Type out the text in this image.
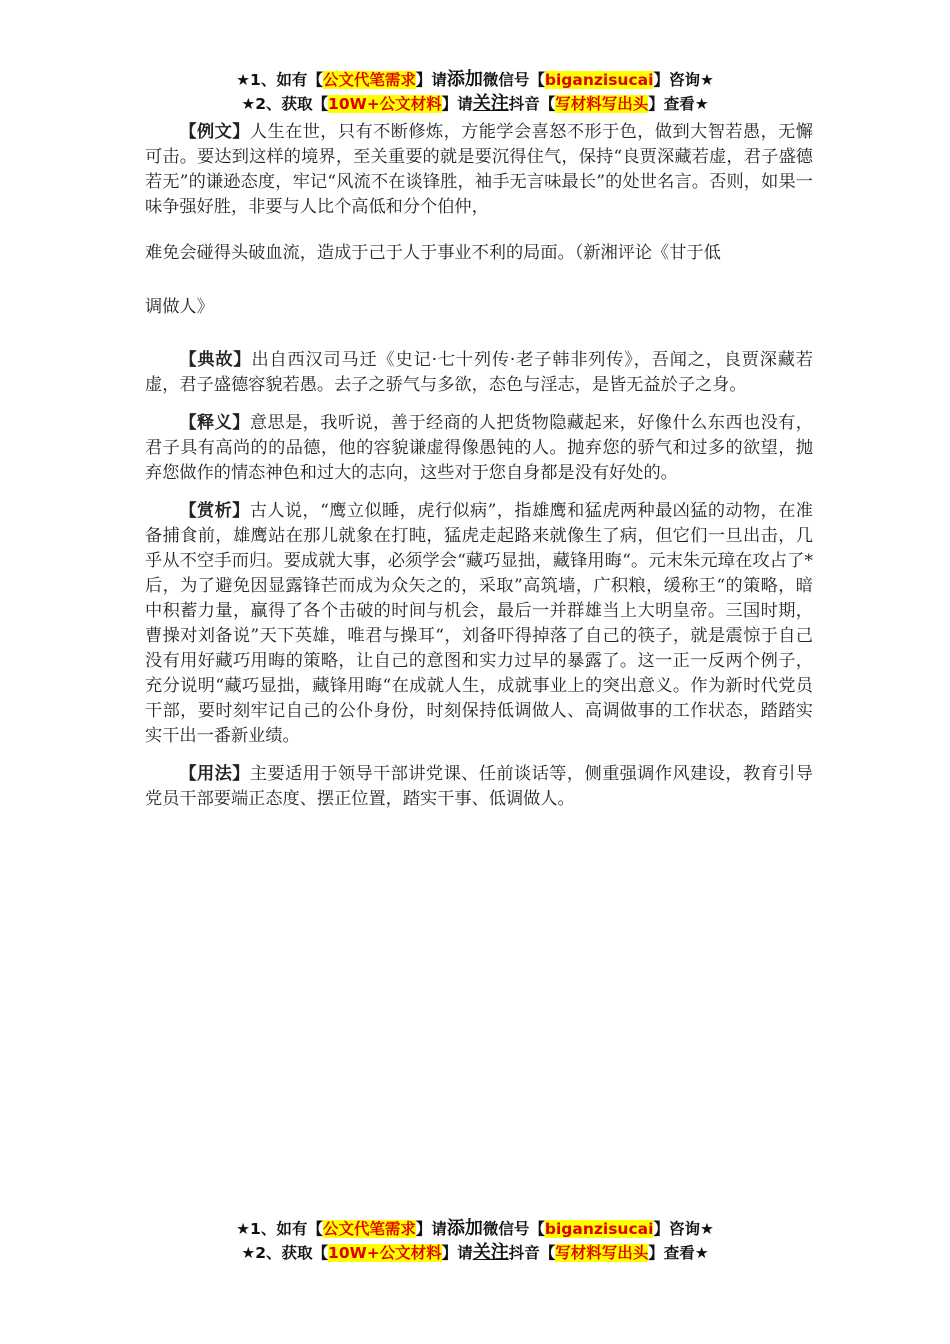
★1、如有【公文代笔需求】请添加微信号【biganzisucai】咨询★
★2、获取【10W+公文材料】请关注抖音【写材料写出头】查看★
【例文】人生在世，只有不断修炼，方能学会喜怒不形于色，做到大智若愚，无懈可击。要达到这样的境界，至关重要的就是要沉得住气，保持“良贾深藏若虚，君子盛德若无”的谦逊态度，牢记“风流不在谈锋胜，袖手无言味最长”的处世名言。否则，如果一味争强好胜，非要与人比个高低和分个伯仲，
难免会碰得头破血流，造成于己于人于事业不利的局面。（新湘评论《甘于低
调做人》
【典故】出自西汉司马迁《史记·七十列传·老子韩非列传》，吾闻之，良贾深藏若虚，君子盛德容貌若愚。去子之骄气与多欲，态色与淫志，是皆无益於子之身。
【释义】意思是，我听说，善于经商的人把货物隐藏起来，好像什么东西也没有，君子具有高尚的的品德，他的容貌谦虚得像愚钝的人。抛弃您的骄气和过多的欲望，抛弃您做作的情态神色和过大的志向，这些对于您自身都是没有好处的。
【赏析】古人说，“鹰立似睡，虎行似病”，指雄鹰和猛虎两种最凶猛的动物，在准备捕食前，雄鹰站在那儿就象在打盹，猛虎走起路来就像生了病，但它们一旦出击，几乎从不空手而归。要成就大事，必须学会“藏巧显拙，藏锋用晦“。元末朱元璋在攻占了*后，为了避免因显露锋芒而成为众矢之的，采取”高筑墙，广积粮，缓称王“的策略，暗中积蓄力量，赢得了各个击破的时间与机会，最后一并群雄当上大明皇帝。三国时期，曹操对刘备说”天下英雄，唯君与操耳“，刘备吓得掉落了自己的筷子，就是震惊于自己没有用好藏巧用晦的策略，让自己的意图和实力过早的暴露了。这一正一反两个例子，充分说明“藏巧显拙，藏锋用晦“在成就人生，成就事业上的突出意义。作为新时代党员干部，要时刻牢记自己的公仆身份，时刻保持低调做人、高调做事的工作状态，踏踏实实干出一番新业绩。
【用法】主要适用于领导干部讲党课、任前谈话等，侧重强调作风建设，教育引导党员干部要端正态度、摆正位置，踏实干事、低调做人。
★1、如有【公文代笔需求】请添加微信号【biganzisucai】咨询★
★2、获取【10W+公文材料】请关注抖音【写材料写出头】查看★
